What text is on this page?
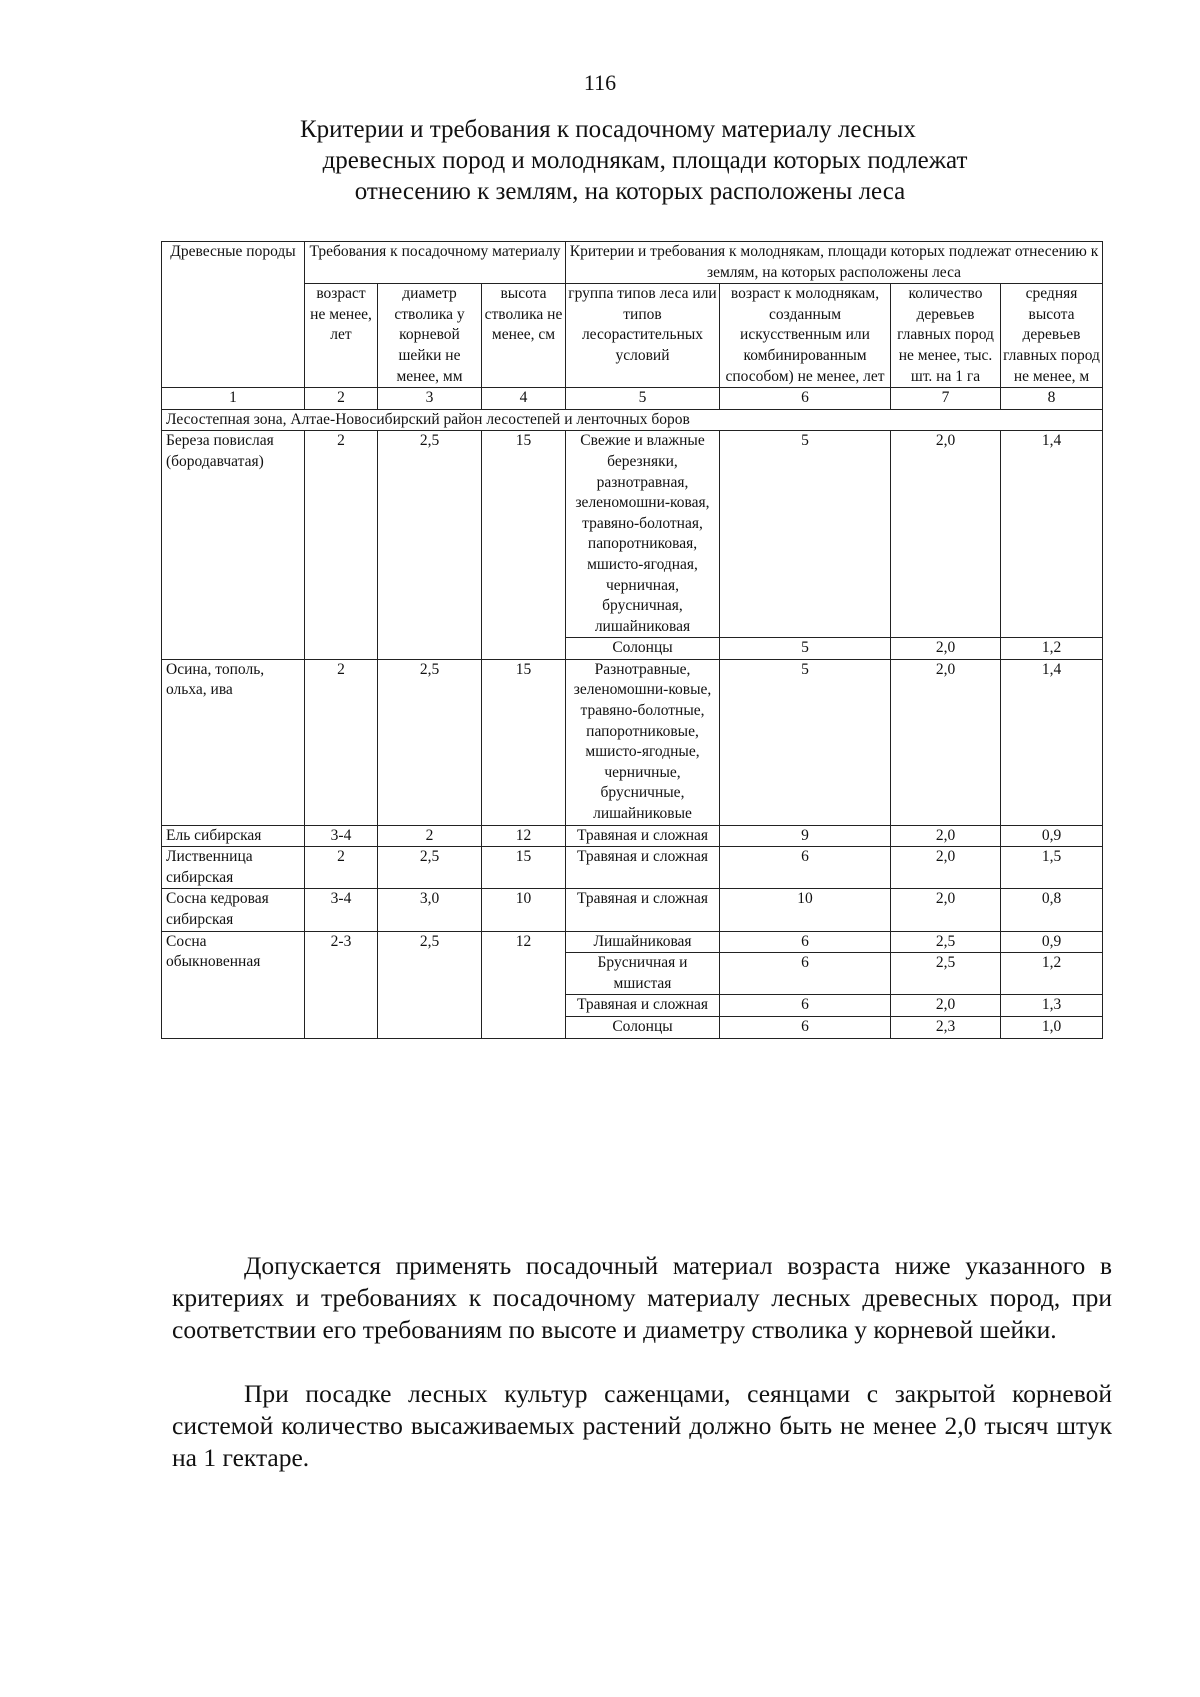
116
Критерии и требования к посадочному материалу лесных
древесных пород и молоднякам, площади которых подлежат
отнесению к землям, на которых расположены леса
Древесные породы	Требования к посадочному материалу			Критерии и требования к молоднякам, площади которых подлежат отнесению к землям, на которых расположены леса			
	возраст не менее, лет	диаметр стволика у корневой шейки не менее, мм	высота стволика не менее, см	группа типов леса или типов лесорастительных условий	возраст к молоднякам, созданным искусственным или комбинированным способом) не менее, лет	количество деревьев главных пород не менее, тыс. шт. на 1 га	средняя высота деревьев главных пород не менее, м
1	2	3	4	5	6	7	8
Лесостепная зона, Алтае-Новосибирский район лесостепей и ленточных боров							
Береза повислая (бородавчатая)	2	2,5	15	Свежие и влажные березняки, разнотравная, зеленомошни-ковая, травяно-болотная, папоротниковая, мшисто-ягодная, черничная, брусничная, лишайниковая	5	2,0	1,4
				Солонцы	5	2,0	1,2
Осина, тополь, ольха, ива	2	2,5	15	Разнотравные, зеленомошни-ковые, травяно-болотные, папоротниковые, мшисто-ягодные, черничные, брусничные, лишайниковые	5	2,0	1,4
Ель сибирская	3-4	2	12	Травяная и сложная	9	2,0	0,9
Лиственница сибирская	2	2,5	15	Травяная и сложная	6	2,0	1,5
Сосна кедровая сибирская	3-4	3,0	10	Травяная и сложная	10	2,0	0,8
Сосна обыкновенная	2-3	2,5	12	Лишайниковая	6	2,5	0,9
				Брусничная и мшистая	6	2,5	1,2
				Травяная и сложная	6	2,0	1,3
				Солонцы	6	2,3	1,0
Допускается применять посадочный материал возраста ниже указанного в критериях и требованиях к посадочному материалу лесных древесных пород, при соответствии его требованиям по высоте и диаметру стволика у корневой шейки.
При посадке лесных культур саженцами, сеянцами с закрытой корневой системой количество высаживаемых растений должно быть не менее 2,0 тысяч штук на 1 гектаре.
